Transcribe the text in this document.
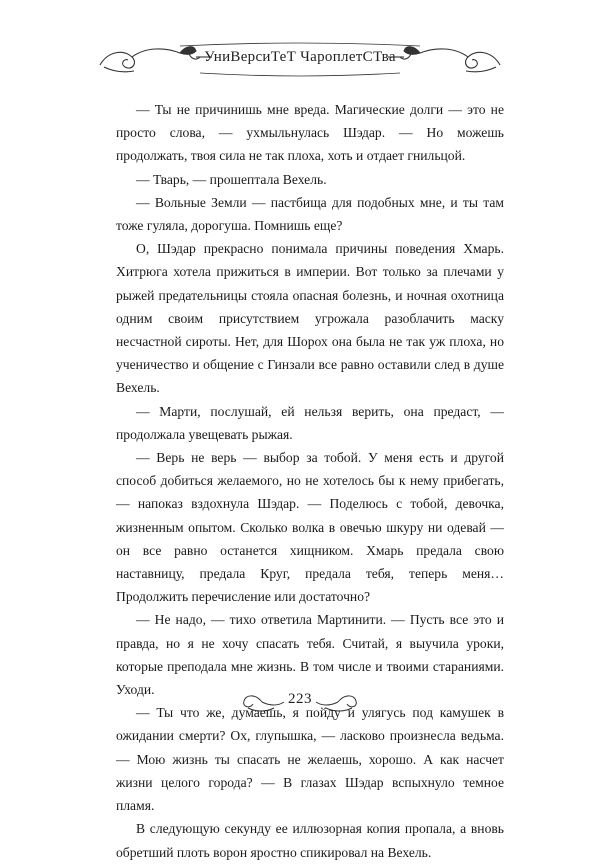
УниВерсиТеТ ЧароплетСТва

— Ты не причинишь мне вреда. Магические долги — это не просто слова, — ухмыльнулась Шэдар. — Но можешь продолжать, твоя сила не так плоха, хоть и отдает гнильцой.

— Тварь, — прошептала Вехель.

— Вольные Земли — пастбища для подобных мне, и ты там тоже гуляла, дорогуша. Помнишь еще?

О, Шэдар прекрасно понимала причины поведения Хмарь. Хитрюга хотела прижиться в империи. Вот только за плечами у рыжей предательницы стояла опасная болезнь, и ночная охотница одним своим присутствием угрожала разоблачить маску несчастной сироты. Нет, для Шорох она была не так уж плоха, но ученичество и общение с Гинзали все равно оставили след в душе Вехель.

— Марти, послушай, ей нельзя верить, она предаст, — продолжала увещевать рыжая.

— Верь не верь — выбор за тобой. У меня есть и другой способ добиться желаемого, но не хотелось бы к нему прибегать, — напоказ вздохнула Шэдар. — Поделюсь с тобой, девочка, жизненным опытом. Сколько волка в овечью шкуру ни одевай — он все равно останется хищником. Хмарь предала свою наставницу, предала Круг, предала тебя, теперь меня… Продолжить перечисление или достаточно?

— Не надо, — тихо ответила Мартинити. — Пусть все это и правда, но я не хочу спасать тебя. Считай, я выучила уроки, которые преподала мне жизнь. В том числе и твоими стараниями. Уходи.

— Ты что же, думаешь, я пойду и улягусь под камушек в ожидании смерти? Ох, глупышка, — ласково произнесла ведьма. — Мою жизнь ты спасать не желаешь, хорошо. А как насчет жизни целого города? — В глазах Шэдар вспыхнуло темное пламя.

В следующую секунду ее иллюзорная копия пропала, а вновь обретший плоть ворон яростно спикировал на Вехель.

223
